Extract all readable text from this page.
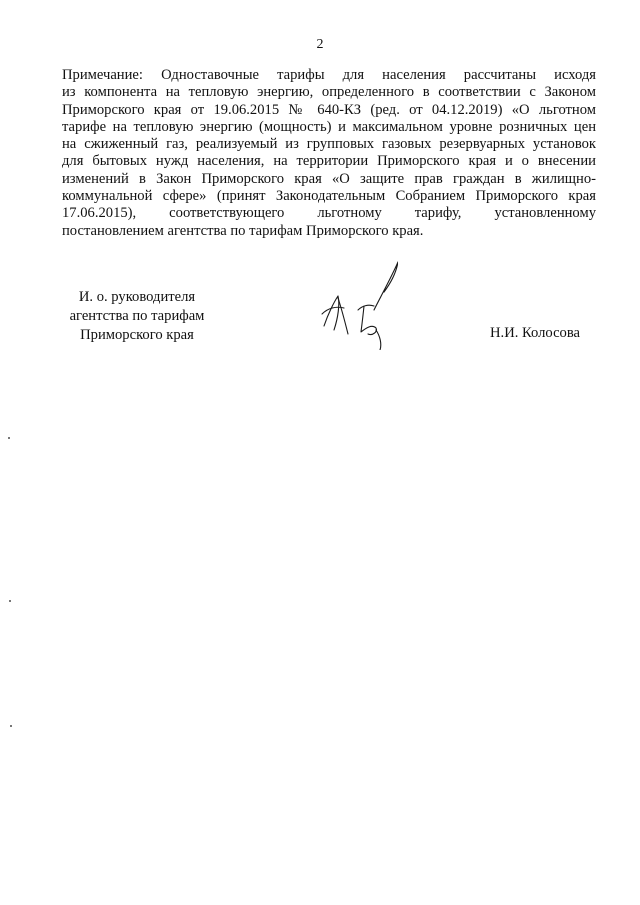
2

Примечание: Одноставочные тарифы для населения рассчитаны исходя
из компонента на тепловую энергию, определенного в соответствии с Законом
Приморского края от 19.06.2015 № 640-КЗ (ред. от 04.12.2019) «О льготном
тарифе на тепловую энергию (мощность) и максимальном уровне розничных цен
на сжиженный газ, реализуемый из групповых газовых резервуарных установок
для бытовых нужд населения, на территории Приморского края и о внесении
изменений в Закон Приморского края «О защите прав граждан в жилищно-
коммунальной сфере» (принят Законодательным Собранием Приморского края
17.06.2015), соответствующего льготному тарифу, установленному
постановлением агентства по тарифам Приморского края.

И. о. руководителя
агентства по тарифам
Приморского края	Н.И. Колосова
